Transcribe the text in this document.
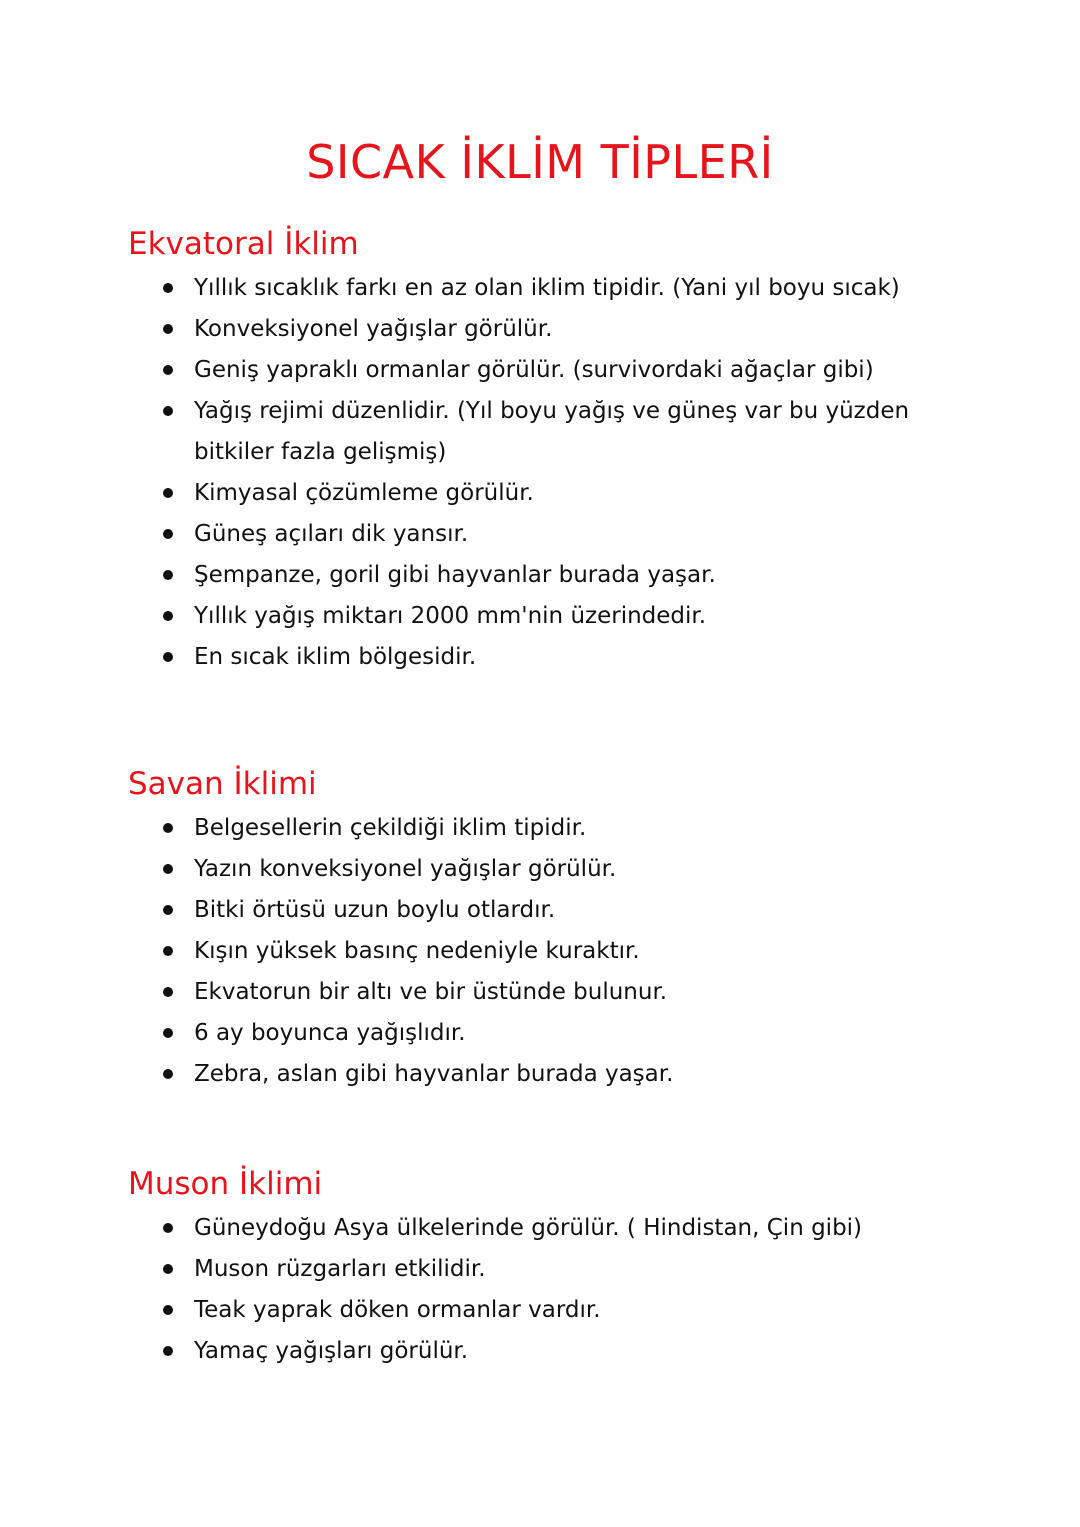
SICAK İKLİM TİPLERİ
Ekvatoral İklim
Yıllık sıcaklık farkı en az olan iklim tipidir. (Yani yıl boyu sıcak)
Konveksiyonel yağışlar görülür.
Geniş yapraklı ormanlar görülür. (survivordaki ağaçlar gibi)
Yağış rejimi düzenlidir. (Yıl boyu yağış ve güneş var bu yüzden bitkiler fazla gelişmiş)
Kimyasal çözümleme görülür.
Güneş açıları dik yansır.
Şempanze, goril gibi hayvanlar burada yaşar.
Yıllık yağış miktarı 2000 mm'nin üzerindedir.
En sıcak iklim bölgesidir.
Savan İklimi
Belgesellerin çekildiği iklim tipidir.
Yazın konveksiyonel yağışlar görülür.
Bitki örtüsü uzun boylu otlardır.
Kışın yüksek basınç nedeniyle kuraktır.
Ekvatorun bir altı ve bir üstünde bulunur.
6 ay boyunca yağışlıdır.
Zebra, aslan gibi hayvanlar burada yaşar.
Muson İklimi
Güneydoğu Asya ülkelerinde görülür. ( Hindistan, Çin gibi)
Muson rüzgarları etkilidir.
Teak yaprak döken ormanlar vardır.
Yamaç yağışları görülür.
